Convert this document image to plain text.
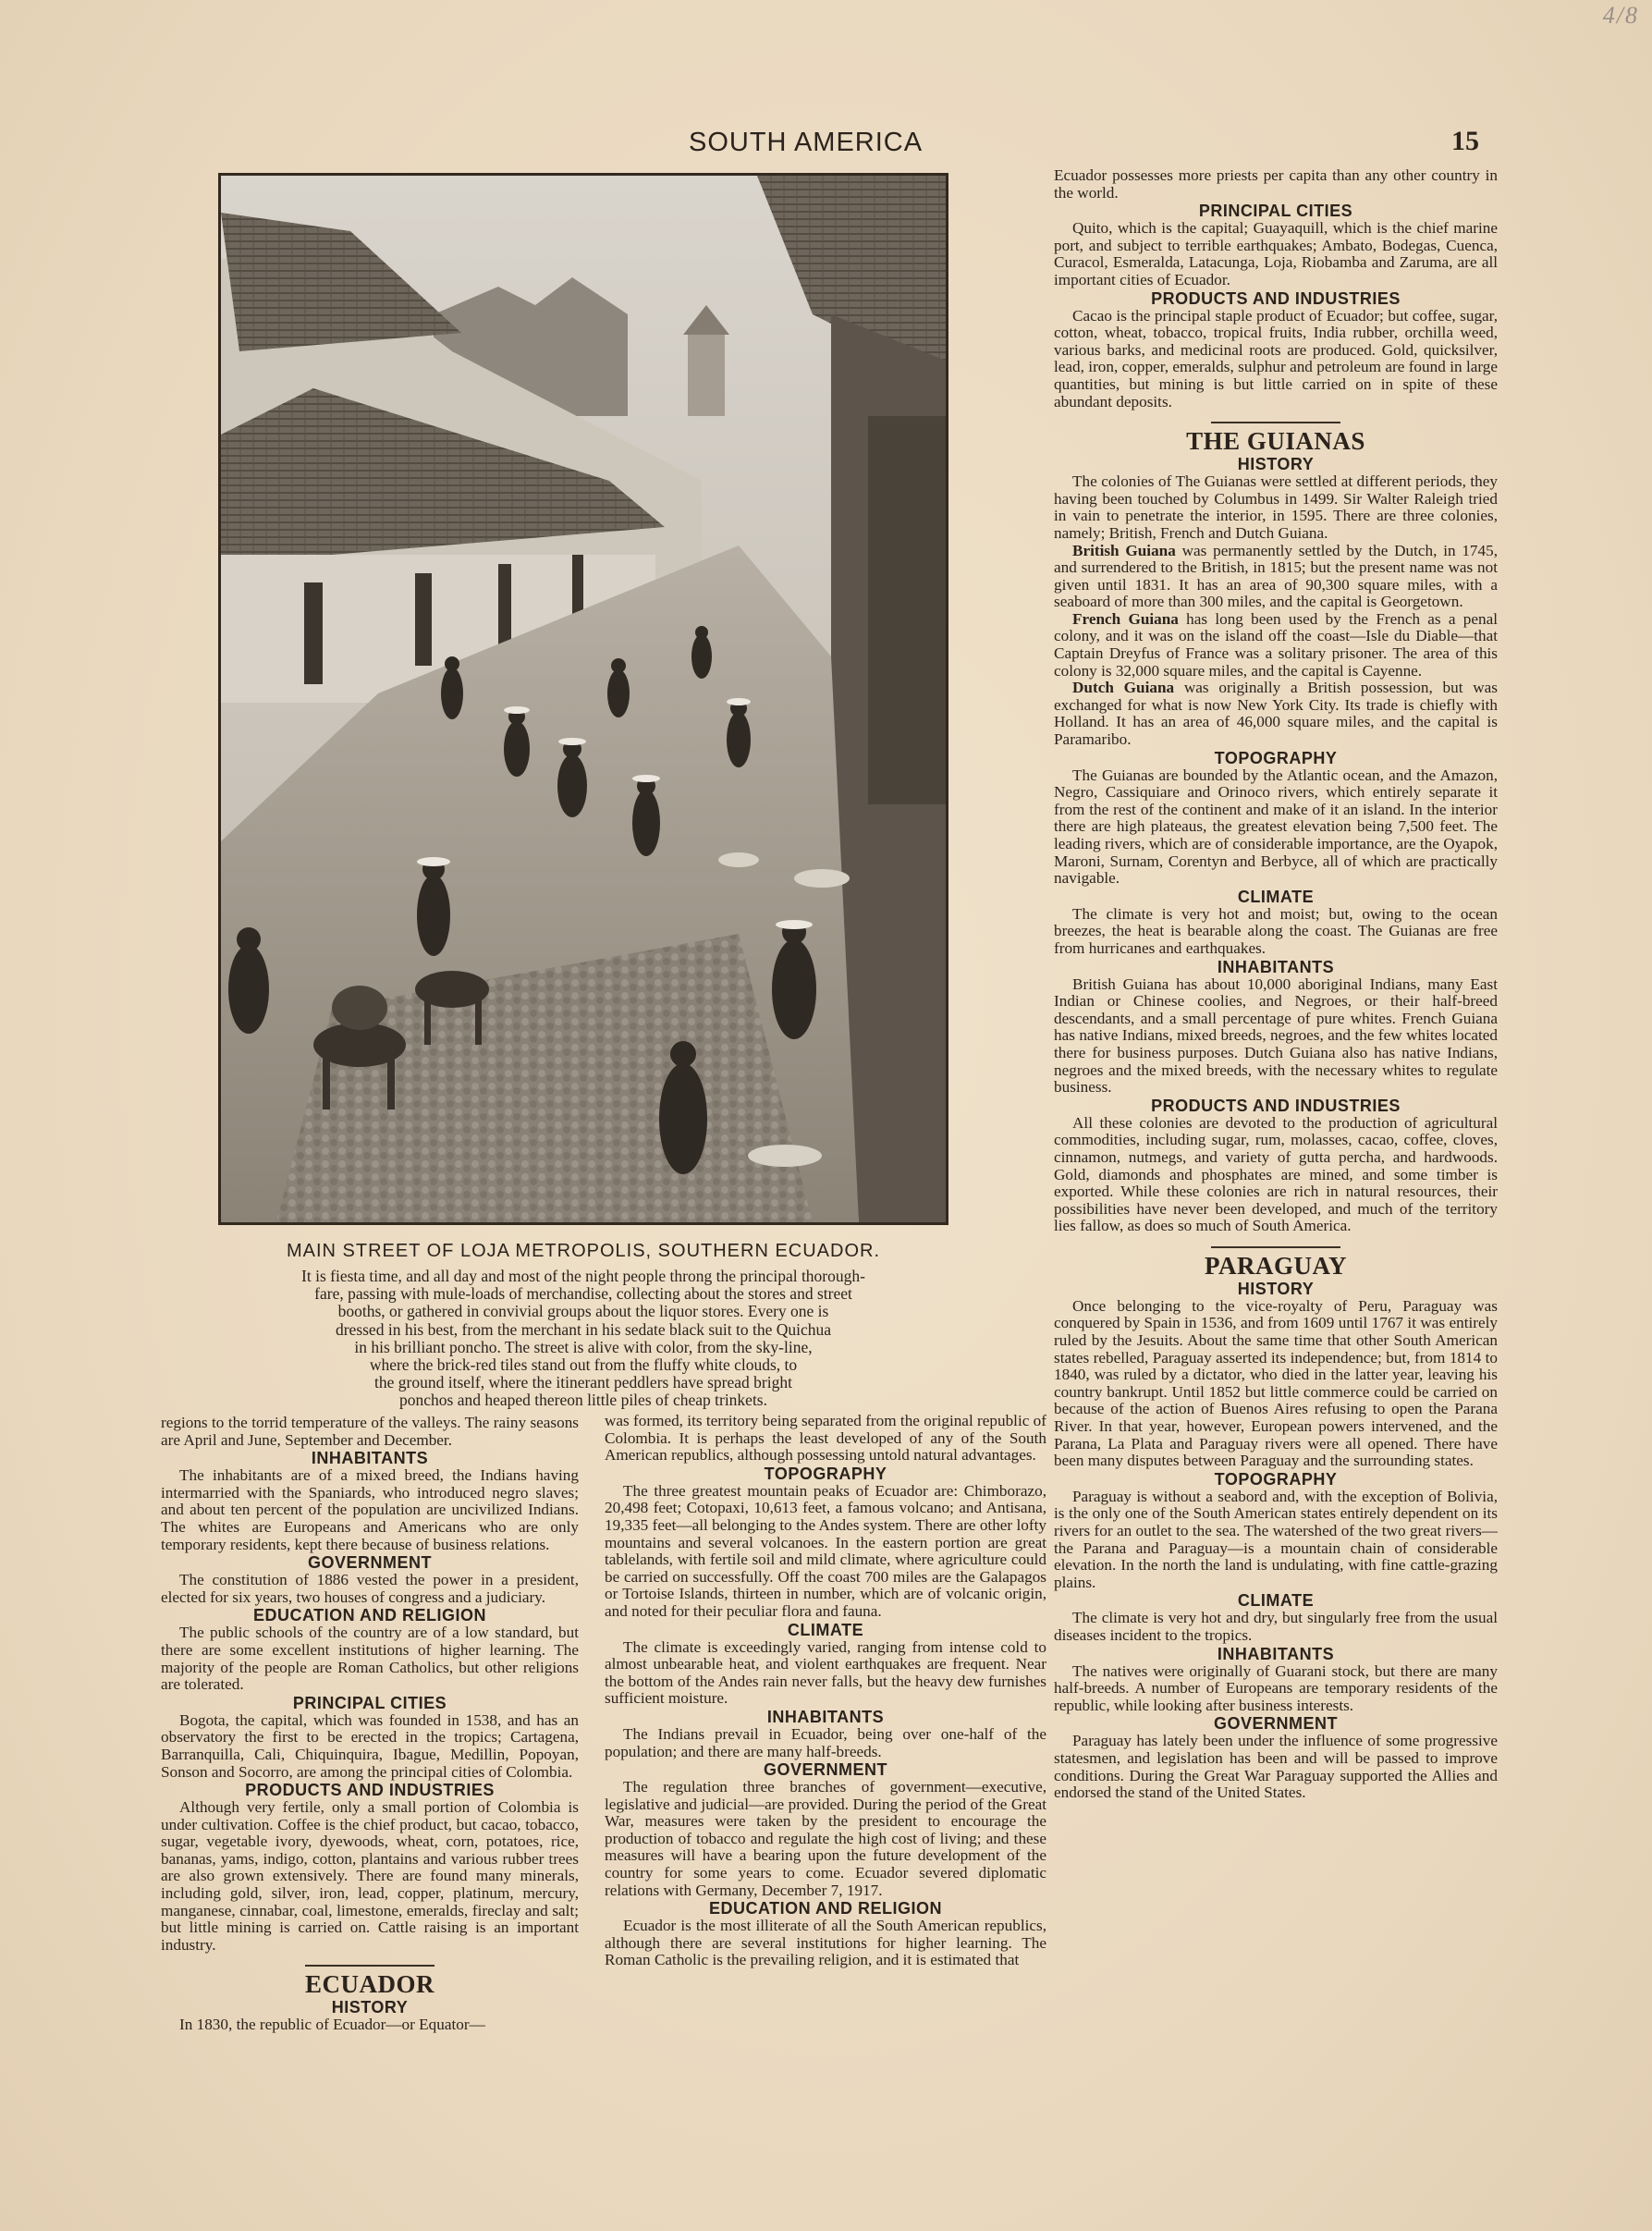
4/8
SOUTH AMERICA	15
MAIN STREET OF LOJA METROPOLIS, SOUTHERN ECUADOR.
It is fiesta time, and all day and most of the night people throng the principal thorough-
fare, passing with mule-loads of merchandise, collecting about the stores and street
booths, or gathered in convivial groups about the liquor stores. Every one is
dressed in his best, from the merchant in his sedate black suit to the Quichua
in his brilliant poncho. The street is alive with color, from the sky-line,
where the brick-red tiles stand out from the fluffy white clouds, to
the ground itself, where the itinerant peddlers have spread bright
ponchos and heaped thereon little piles of cheap trinkets.

regions to the torrid temperature of the valleys. The rainy seasons are April and June, September and December.

INHABITANTS

The inhabitants are of a mixed breed, the Indians having intermarried with the Spaniards, who introduced negro slaves; and about ten percent of the population are uncivilized Indians. The whites are Europeans and Americans who are only temporary residents, kept there because of business relations.

GOVERNMENT

The constitution of 1886 vested the power in a president, elected for six years, two houses of congress and a judiciary.

EDUCATION AND RELIGION

The public schools of the country are of a low standard, but there are some excellent institutions of higher learning. The majority of the people are Roman Catholics, but other religions are tolerated.

PRINCIPAL CITIES

Bogota, the capital, which was founded in 1538, and has an observatory the first to be erected in the tropics; Cartagena, Barranquilla, Cali, Chiquinquira, Ibague, Medillin, Popoyan, Sonson and Socorro, are among the principal cities of Colombia.

PRODUCTS AND INDUSTRIES

Although very fertile, only a small portion of Colombia is under cultivation. Coffee is the chief product, but cacao, tobacco, sugar, vegetable ivory, dyewoods, wheat, corn, potatoes, rice, bananas, yams, indigo, cotton, plantains and various rubber trees are also grown extensively. There are found many minerals, including gold, silver, iron, lead, copper, platinum, mercury, manganese, cinnabar, coal, limestone, emeralds, fireclay and salt; but little mining is carried on. Cattle raising is an important industry.

ECUADOR
HISTORY

In 1830, the republic of Ecuador—or Equator—

was formed, its territory being separated from the original republic of Colombia. It is perhaps the least developed of any of the South American republics, although possessing untold natural advantages.

TOPOGRAPHY

The three greatest mountain peaks of Ecuador are: Chimborazo, 20,498 feet; Cotopaxi, 10,613 feet, a famous volcano; and Antisana, 19,335 feet—all belonging to the Andes system. There are other lofty mountains and several volcanoes. In the eastern portion are great tablelands, with fertile soil and mild climate, where agriculture could be carried on successfully. Off the coast 700 miles are the Galapagos or Tortoise Islands, thirteen in number, which are of volcanic origin, and noted for their peculiar flora and fauna.

CLIMATE

The climate is exceedingly varied, ranging from intense cold to almost unbearable heat, and violent earthquakes are frequent. Near the bottom of the Andes rain never falls, but the heavy dew furnishes sufficient moisture.

INHABITANTS

The Indians prevail in Ecuador, being over one-half of the population; and there are many half-breeds.

GOVERNMENT

The regulation three branches of government—executive, legislative and judicial—are provided. During the period of the Great War, measures were taken by the president to encourage the production of tobacco and regulate the high cost of living; and these measures will have a bearing upon the future development of the country for some years to come. Ecuador severed diplomatic relations with Germany, December 7, 1917.

EDUCATION AND RELIGION

Ecuador is the most illiterate of all the South American republics, although there are several institutions for higher learning. The Roman Catholic is the prevailing religion, and it is estimated that

Ecuador possesses more priests per capita than any other country in the world.

PRINCIPAL CITIES

Quito, which is the capital; Guayaquill, which is the chief marine port, and subject to terrible earthquakes; Ambato, Bodegas, Cuenca, Curacol, Esmeralda, Latacunga, Loja, Riobamba and Zaruma, are all important cities of Ecuador.

PRODUCTS AND INDUSTRIES

Cacao is the principal staple product of Ecuador; but coffee, sugar, cotton, wheat, tobacco, tropical fruits, India rubber, orchilla weed, various barks, and medicinal roots are produced. Gold, quicksilver, lead, iron, copper, emeralds, sulphur and petroleum are found in large quantities, but mining is but little carried on in spite of these abundant deposits.

THE GUIANAS
HISTORY

The colonies of The Guianas were settled at different periods, they having been touched by Columbus in 1499. Sir Walter Raleigh tried in vain to penetrate the interior, in 1595. There are three colonies, namely; British, French and Dutch Guiana.

British Guiana was permanently settled by the Dutch, in 1745, and surrendered to the British, in 1815; but the present name was not given until 1831. It has an area of 90,300 square miles, with a seaboard of more than 300 miles, and the capital is Georgetown.

French Guiana has long been used by the French as a penal colony, and it was on the island off the coast—Isle du Diable—that Captain Dreyfus of France was a solitary prisoner. The area of this colony is 32,000 square miles, and the capital is Cayenne.

Dutch Guiana was originally a British possession, but was exchanged for what is now New York City. Its trade is chiefly with Holland. It has an area of 46,000 square miles, and the capital is Paramaribo.

TOPOGRAPHY

The Guianas are bounded by the Atlantic ocean, and the Amazon, Negro, Cassiquiare and Orinoco rivers, which entirely separate it from the rest of the continent and make of it an island. In the interior there are high plateaus, the greatest elevation being 7,500 feet. The leading rivers, which are of considerable importance, are the Oyapok, Maroni, Surnam, Corentyn and Berbyce, all of which are practically navigable.

CLIMATE

The climate is very hot and moist; but, owing to the ocean breezes, the heat is bearable along the coast. The Guianas are free from hurricanes and earthquakes.

INHABITANTS

British Guiana has about 10,000 aboriginal Indians, many East Indian or Chinese coolies, and Negroes, or their half-breed descendants, and a small percentage of pure whites. French Guiana has native Indians, mixed breeds, negroes, and the few whites located there for business purposes. Dutch Guiana also has native Indians, negroes and the mixed breeds, with the necessary whites to regulate business.

PRODUCTS AND INDUSTRIES

All these colonies are devoted to the production of agricultural commodities, including sugar, rum, molasses, cacao, coffee, cloves, cinnamon, nutmegs, and variety of gutta percha, and hardwoods. Gold, diamonds and phosphates are mined, and some timber is exported. While these colonies are rich in natural resources, their possibilities have never been developed, and much of the territory lies fallow, as does so much of South America.

PARAGUAY
HISTORY

Once belonging to the vice-royalty of Peru, Paraguay was conquered by Spain in 1536, and from 1609 until 1767 it was entirely ruled by the Jesuits. About the same time that other South American states rebelled, Paraguay asserted its independence; but, from 1814 to 1840, was ruled by a dictator, who died in the latter year, leaving his country bankrupt. Until 1852 but little commerce could be carried on because of the action of Buenos Aires refusing to open the Parana River. In that year, however, European powers intervened, and the Parana, La Plata and Paraguay rivers were all opened. There have been many disputes between Paraguay and the surrounding states.

TOPOGRAPHY

Paraguay is without a seabord and, with the exception of Bolivia, is the only one of the South American states entirely dependent on its rivers for an outlet to the sea. The watershed of the two great rivers—the Parana and Paraguay—is a mountain chain of considerable elevation. In the north the land is undulating, with fine cattle-grazing plains.

CLIMATE

The climate is very hot and dry, but singularly free from the usual diseases incident to the tropics.

INHABITANTS

The natives were originally of Guarani stock, but there are many half-breeds. A number of Europeans are temporary residents of the republic, while looking after business interests.

GOVERNMENT

Paraguay has lately been under the influence of some progressive statesmen, and legislation has been and will be passed to improve conditions. During the Great War Paraguay supported the Allies and endorsed the stand of the United States.
